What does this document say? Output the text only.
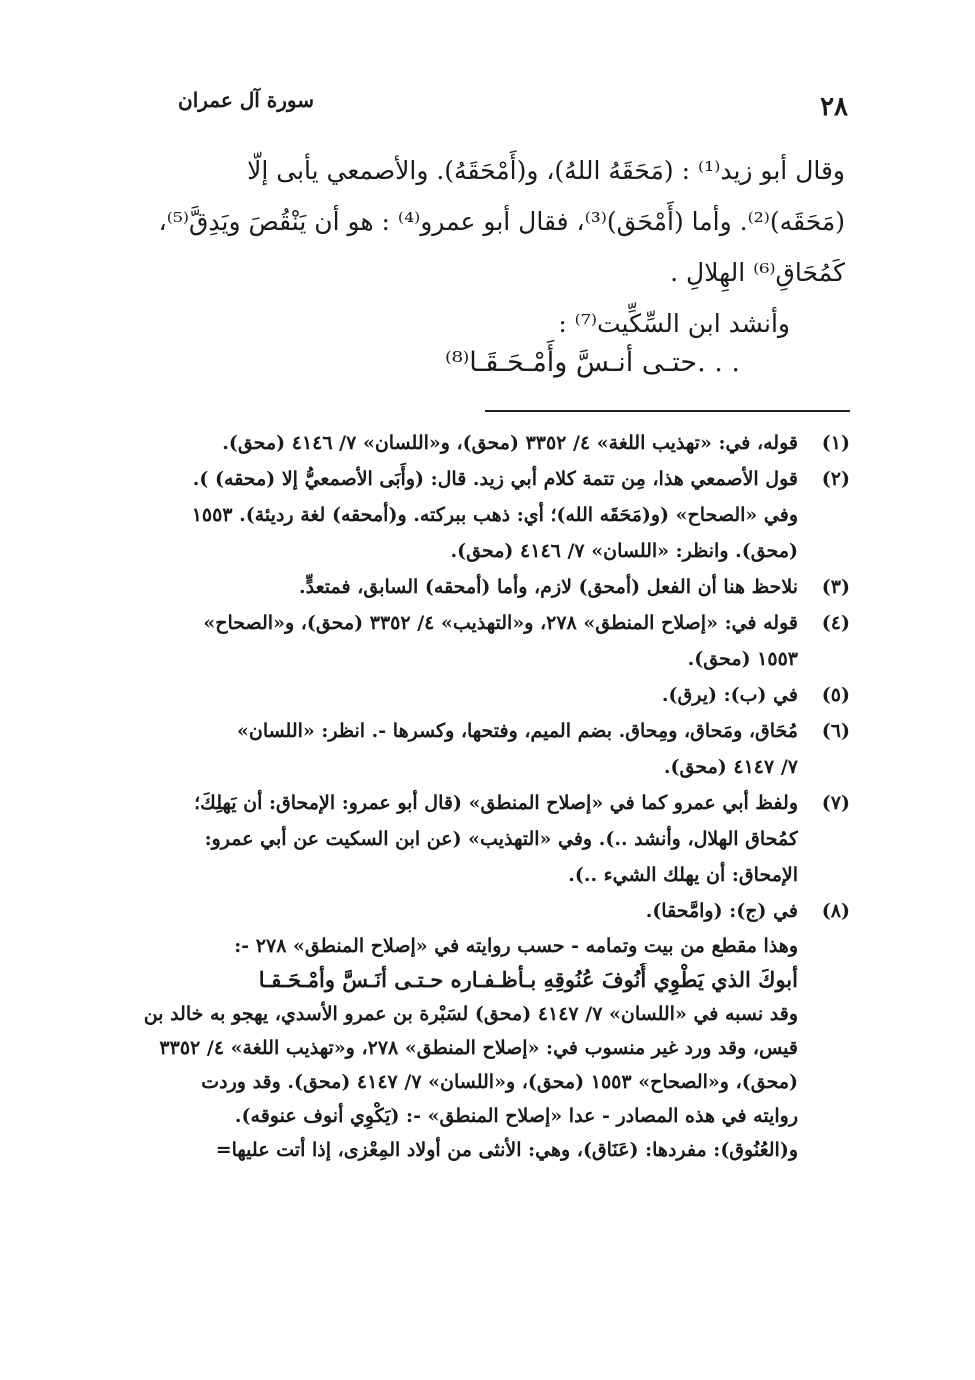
سورة آل عمران	٢٨

وقال أبو زيد⁽¹⁾ : (مَحَقَهُ اللهُ)، و(أَمْحَقَهُ). والأصمعي يأبى إلّا

(مَحَقَه)⁽²⁾. وأما (أَمْحَق)⁽³⁾، فقال أبو عمرو⁽⁴⁾ : هو أن يَنْقُصَ ويَدِقَّ⁽⁵⁾،

كَمُحَاقِ⁽⁶⁾ الهِلالِ .

وأنشد ابن السِّكِّيت⁽⁷⁾ :

. . .حتـى أنـسَّ وأَمْـحَـقَـا⁽⁸⁾
(١)
قوله، في: «تهذيب اللغة» ٤/ ٣٣٥٢ (محق)، و«اللسان» ٧/ ٤١٤٦ (محق).
(٢)
قول الأصمعي هذا، مِن تتمة كلام أبي زيد. قال: (وأَبَى الأصمعيُّ إلا (محقه) ).
وفي «الصحاح» (و(مَحَقَه الله)؛ أي: ذهب ببركته. و(أمحقه) لغة رديئة). ١٥٥٣
(محق). وانظر: «اللسان» ٧/ ٤١٤٦ (محق).
(٣)
نلاحظ هنا أن الفعل (أمحق) لازم، وأما (أمحقه) السابق، فمتعدٍّ.
(٤)
قوله في: «إصلاح المنطق» ٢٧٨، و«التهذيب» ٤/ ٣٣٥٢ (محق)، و«الصحاح»
١٥٥٣ (محق).
(٥)
في (ب): (يرق).
(٦)
مُحَاق، ومَحاق، ومِحاق. بضم الميم، وفتحها، وكسرها -. انظر: «اللسان»
٧/ ٤١٤٧ (محق).
(٧)
ولفظ أبي عمرو كما في «إصلاح المنطق» (قال أبو عمرو: الإمحاق: أن يَهلِكَ؛
كمُحاق الهلال، وأنشد ..). وفي «التهذيب» (عن ابن السكيت عن أبي عمرو:
الإمحاق: أن يهلك الشيء ..).
(٨)
في (ج): (وامَّحقا).
وهذا مقطع من بيت وتمامه - حسب روايته في «إصلاح المنطق» ٢٧٨ -:
أبوكَ الذي يَطْوِي أُنُوفَ عُنُوقِهِ بـأظـفـاره حـتـى أنَـسَّ وأمْـحَـقـا
وقد نسبه في «اللسان» ٧/ ٤١٤٧ (محق) لسَبْرة بن عمرو الأسدي، يهجو به خالد بن
قيس، وقد ورد غير منسوب في: «إصلاح المنطق» ٢٧٨، و«تهذيب اللغة» ٤/ ٣٣٥٢
(محق)، و«الصحاح» ١٥٥٣ (محق)، و«اللسان» ٧/ ٤١٤٧ (محق). وقد وردت
روايته في هذه المصادر - عدا «إصلاح المنطق» -: (يَكْوِي أنوف عنوقه).
و(العُنُوق): مفردها: (عَنَاق)، وهي: الأنثى من أولاد المِعْزى، إذا أتت عليها=
